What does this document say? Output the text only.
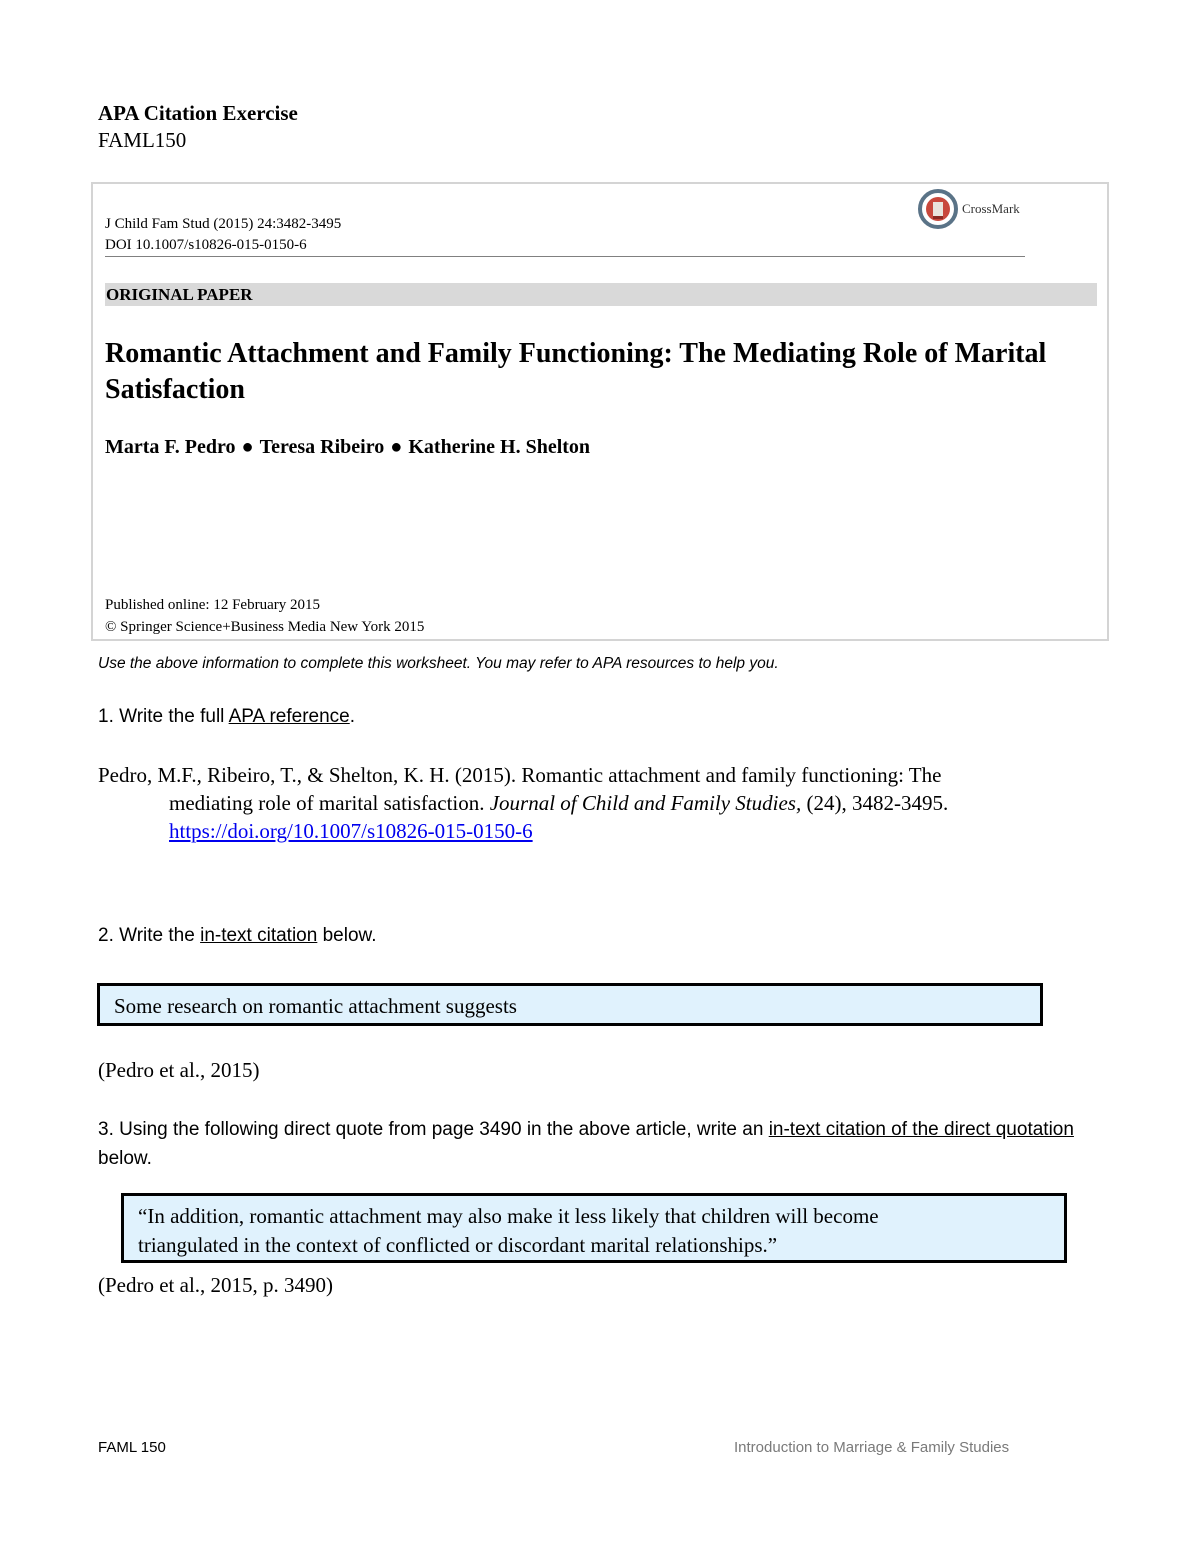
APA Citation Exercise
FAML150
J Child Fam Stud (2015) 24:3482-3495
DOI 10.1007/s10826-015-0150-6
CrossMark
ORIGINAL PAPER
Romantic Attachment and Family Functioning: The Mediating Role of Marital Satisfaction
Marta F. Pedro ● Teresa Ribeiro ● Katherine H. Shelton
Published online: 12 February 2015
© Springer Science+Business Media New York 2015
Use the above information to complete this worksheet. You may refer to APA resources to help you.
1. Write the full APA reference.
Pedro, M.F., Ribeiro, T., & Shelton, K. H. (2015). Romantic attachment and family functioning: The
mediating role of marital satisfaction. Journal of Child and Family Studies, (24), 3482-3495.
https://doi.org/10.1007/s10826-015-0150-6
2. Write the in-text citation below.
Some research on romantic attachment suggests
(Pedro et al., 2015)
3. Using the following direct quote from page 3490 in the above article, write an in-text citation of the direct quotation below.
“In addition, romantic attachment may also make it less likely that children will become
triangulated in the context of conflicted or discordant marital relationships.”
(Pedro et al., 2015, p. 3490)
FAML 150	Introduction to Marriage & Family Studies
